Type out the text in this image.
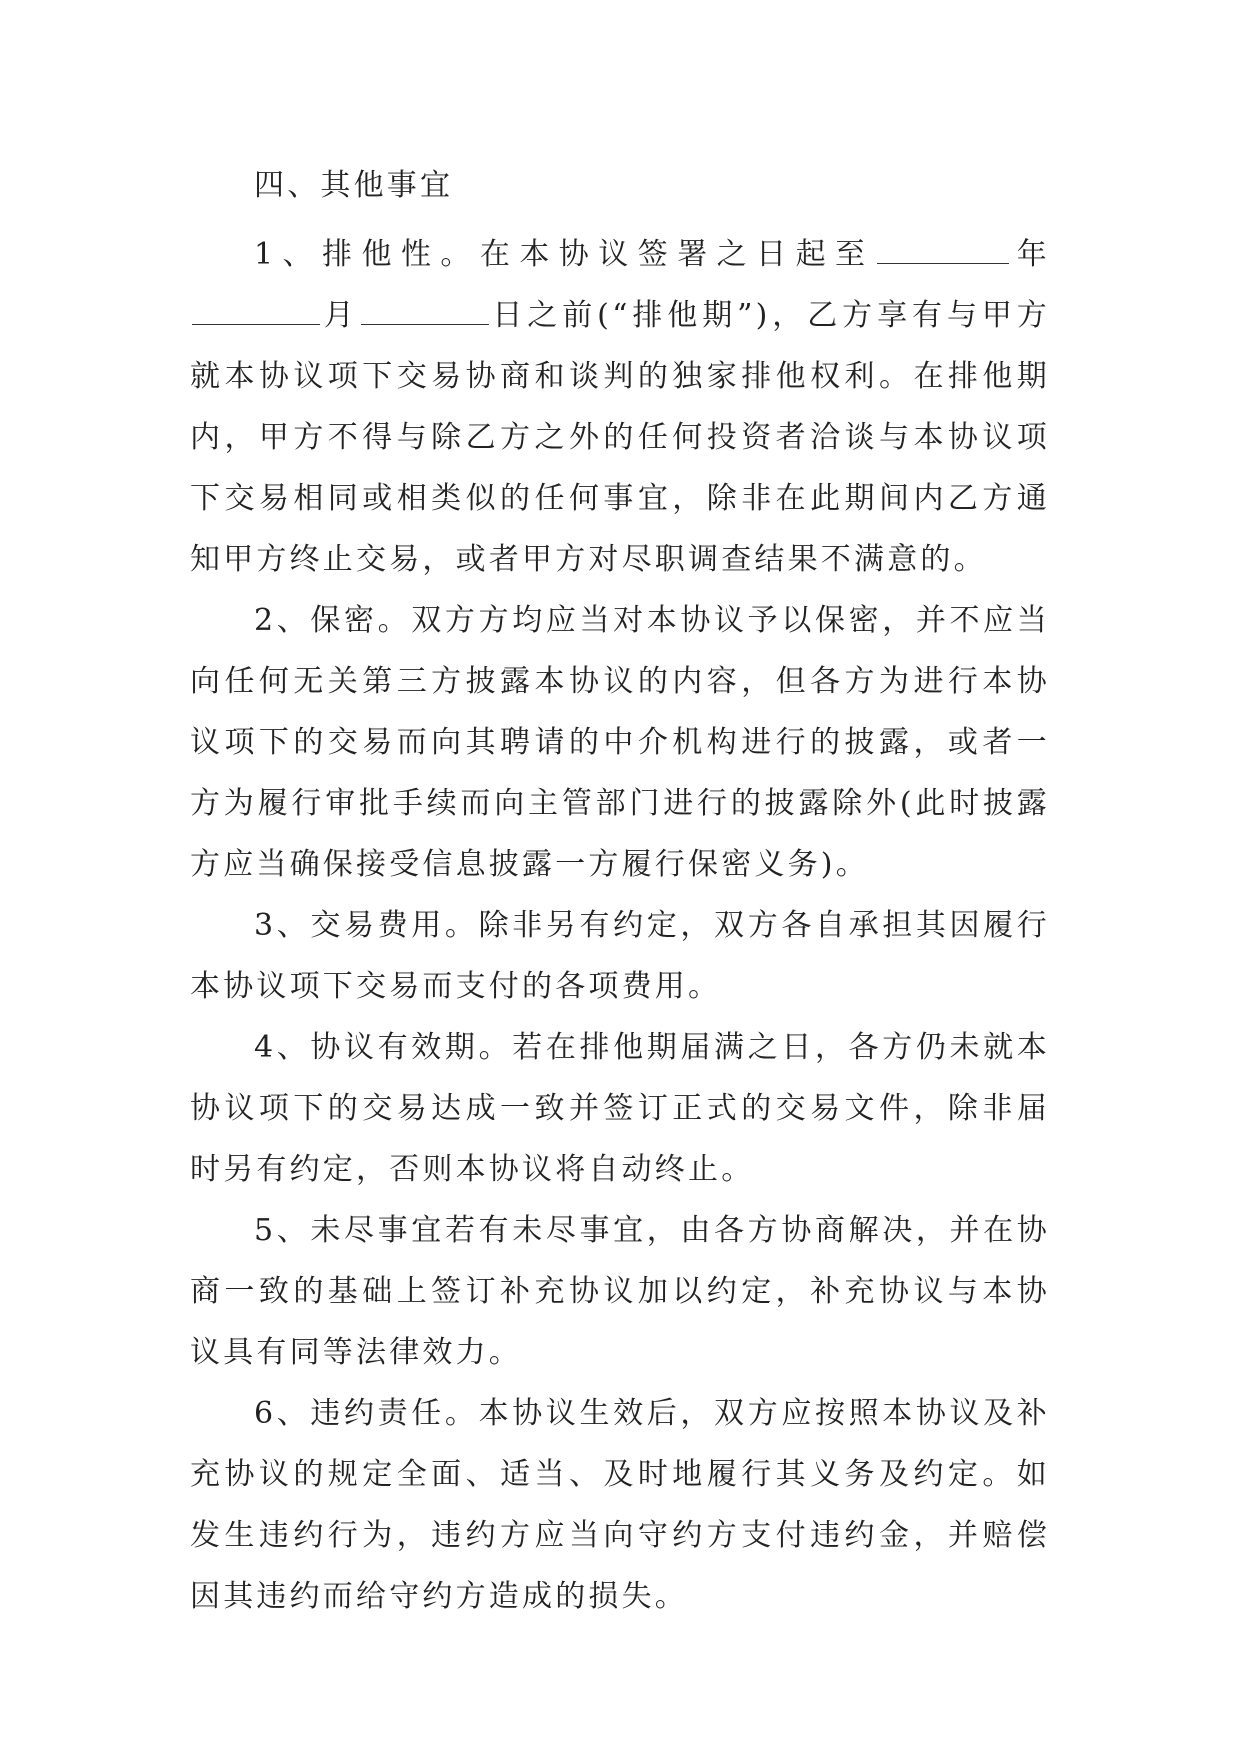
四、其他事宜

1、排他性。在本协议签署之日起至	年月	日之前(“排他期”)，乙方享有与甲方就本协议项下交易协商和谈判的独家排他权利。在排他期内，甲方不得与除乙方之外的任何投资者洽谈与本协议项下交易相同或相类似的任何事宜，除非在此期间内乙方通知甲方终止交易，或者甲方对尽职调查结果不满意的。

2、保密。双方方均应当对本协议予以保密，并不应当向任何无关第三方披露本协议的内容，但各方为进行本协议项下的交易而向其聘请的中介机构进行的披露，或者一方为履行审批手续而向主管部门进行的披露除外(此时披露方应当确保接受信息披露一方履行保密义务)。

3、交易费用。除非另有约定，双方各自承担其因履行本协议项下交易而支付的各项费用。

4、协议有效期。若在排他期届满之日，各方仍未就本协议项下的交易达成一致并签订正式的交易文件，除非届时另有约定，否则本协议将自动终止。

5、未尽事宜若有未尽事宜，由各方协商解决，并在协商一致的基础上签订补充协议加以约定，补充协议与本协议具有同等法律效力。

6、违约责任。本协议生效后，双方应按照本协议及补充协议的规定全面、适当、及时地履行其义务及约定。如发生违约行为，违约方应当向守约方支付违约金，并赔偿因其违约而给守约方造成的损失。
